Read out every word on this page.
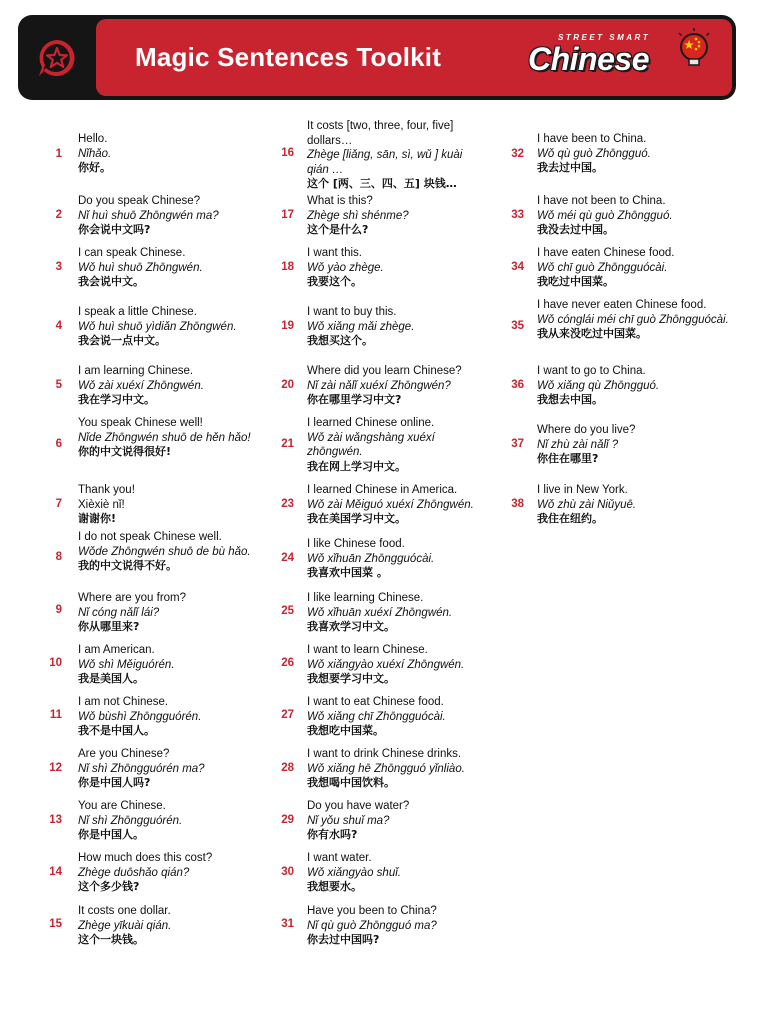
Magic Sentences Toolkit
STREET SMART
Chinese
1
Hello.
Nǐhǎo.
你好。
2
Do you speak Chinese?
Nǐ huì shuō Zhōngwén ma?
你会说中文吗?
3
I can speak Chinese.
Wǒ huì shuō Zhōngwén.
我会说中文。
4
I speak a little Chinese.
Wǒ huì shuō yìdiǎn Zhōngwén.
我会说一点中文。
5
I am learning Chinese.
Wǒ zài xuéxí Zhōngwén.
我在学习中文。
6
You speak Chinese well!
Nǐde Zhōngwén shuō de hěn hǎo!
你的中文说得很好!
7
Thank you!
Xièxiè nǐ!
谢谢你!
8
I do not speak Chinese well.
Wǒde Zhōngwén shuō de bù hǎo.
我的中文说得不好。
9
Where are you from?
Nǐ cóng nǎlǐ lái?
你从哪里来?
10
I am American.
Wǒ shì Měiguórén.
我是美国人。
11
I am not Chinese.
Wǒ bùshì Zhōngguórén.
我不是中国人。
12
Are you Chinese?
Nǐ shì Zhōngguórén ma?
你是中国人吗?
13
You are Chinese.
Nǐ shì Zhōngguórén.
你是中国人。
14
How much does this cost?
Zhège duōshǎo qián?
这个多少钱?
15
It costs one dollar.
Zhège yīkuài qián.
这个一块钱。
16
It costs [two, three, four, five] dollars…
Zhège [liǎng, sān, sì, wǔ ] kuài qián …
这个 [两、三、四、五] 块钱…
17
What is this?
Zhège shì shénme?
这个是什么?
18
I want this.
Wǒ yào zhège.
我要这个。
19
I want to buy this.
Wǒ xiǎng mǎi zhège.
我想买这个。
20
Where did you learn Chinese?
Nǐ zài nǎlǐ xuéxí Zhōngwén?
你在哪里学习中文?
21
I learned Chinese online.
Wǒ zài wǎngshàng xuéxí zhōngwén.
我在网上学习中文。
23
I learned Chinese in America.
Wǒ zài Měiguó xuéxí Zhōngwén.
我在美国学习中文。
24
I like Chinese food.
Wǒ xǐhuān Zhōngguócài.
我喜欢中国菜 。
25
I like learning Chinese.
Wǒ xǐhuān xuéxí Zhōngwén.
我喜欢学习中文。
26
I want to learn Chinese.
Wǒ xiǎngyào xuéxí Zhōngwén.
我想要学习中文。
27
I want to eat Chinese food.
Wǒ xiǎng chī Zhōngguócài.
我想吃中国菜。
28
I want to drink Chinese drinks.
Wǒ xiǎng hē Zhōngguó yǐnliào.
我想喝中国饮料。
29
Do you have water?
Nǐ yǒu shuǐ ma?
你有水吗?
30
I want water.
Wǒ xiǎngyào shuǐ.
我想要水。
31
Have you been to China?
Nǐ qù guò Zhōngguó ma?
你去过中国吗?
32
I have been to China.
Wǒ qù guò Zhōngguó.
我去过中国。
33
I have not been to China.
Wǒ méi qù guò Zhōngguó.
我没去过中国。
34
I have eaten Chinese food.
Wǒ chī guò Zhōngguócài.
我吃过中国菜。
35
I have never eaten Chinese food.
Wǒ cónglái méi chī guò Zhōngguócài.
我从来没吃过中国菜。
36
I want to go to China.
Wǒ xiǎng qù Zhōngguó.
我想去中国。
37
Where do you live?
Nǐ zhù zài nǎlǐ ?
你住在哪里?
38
I live in New York.
Wǒ zhù zài Niǔyuē.
我住在纽约。
